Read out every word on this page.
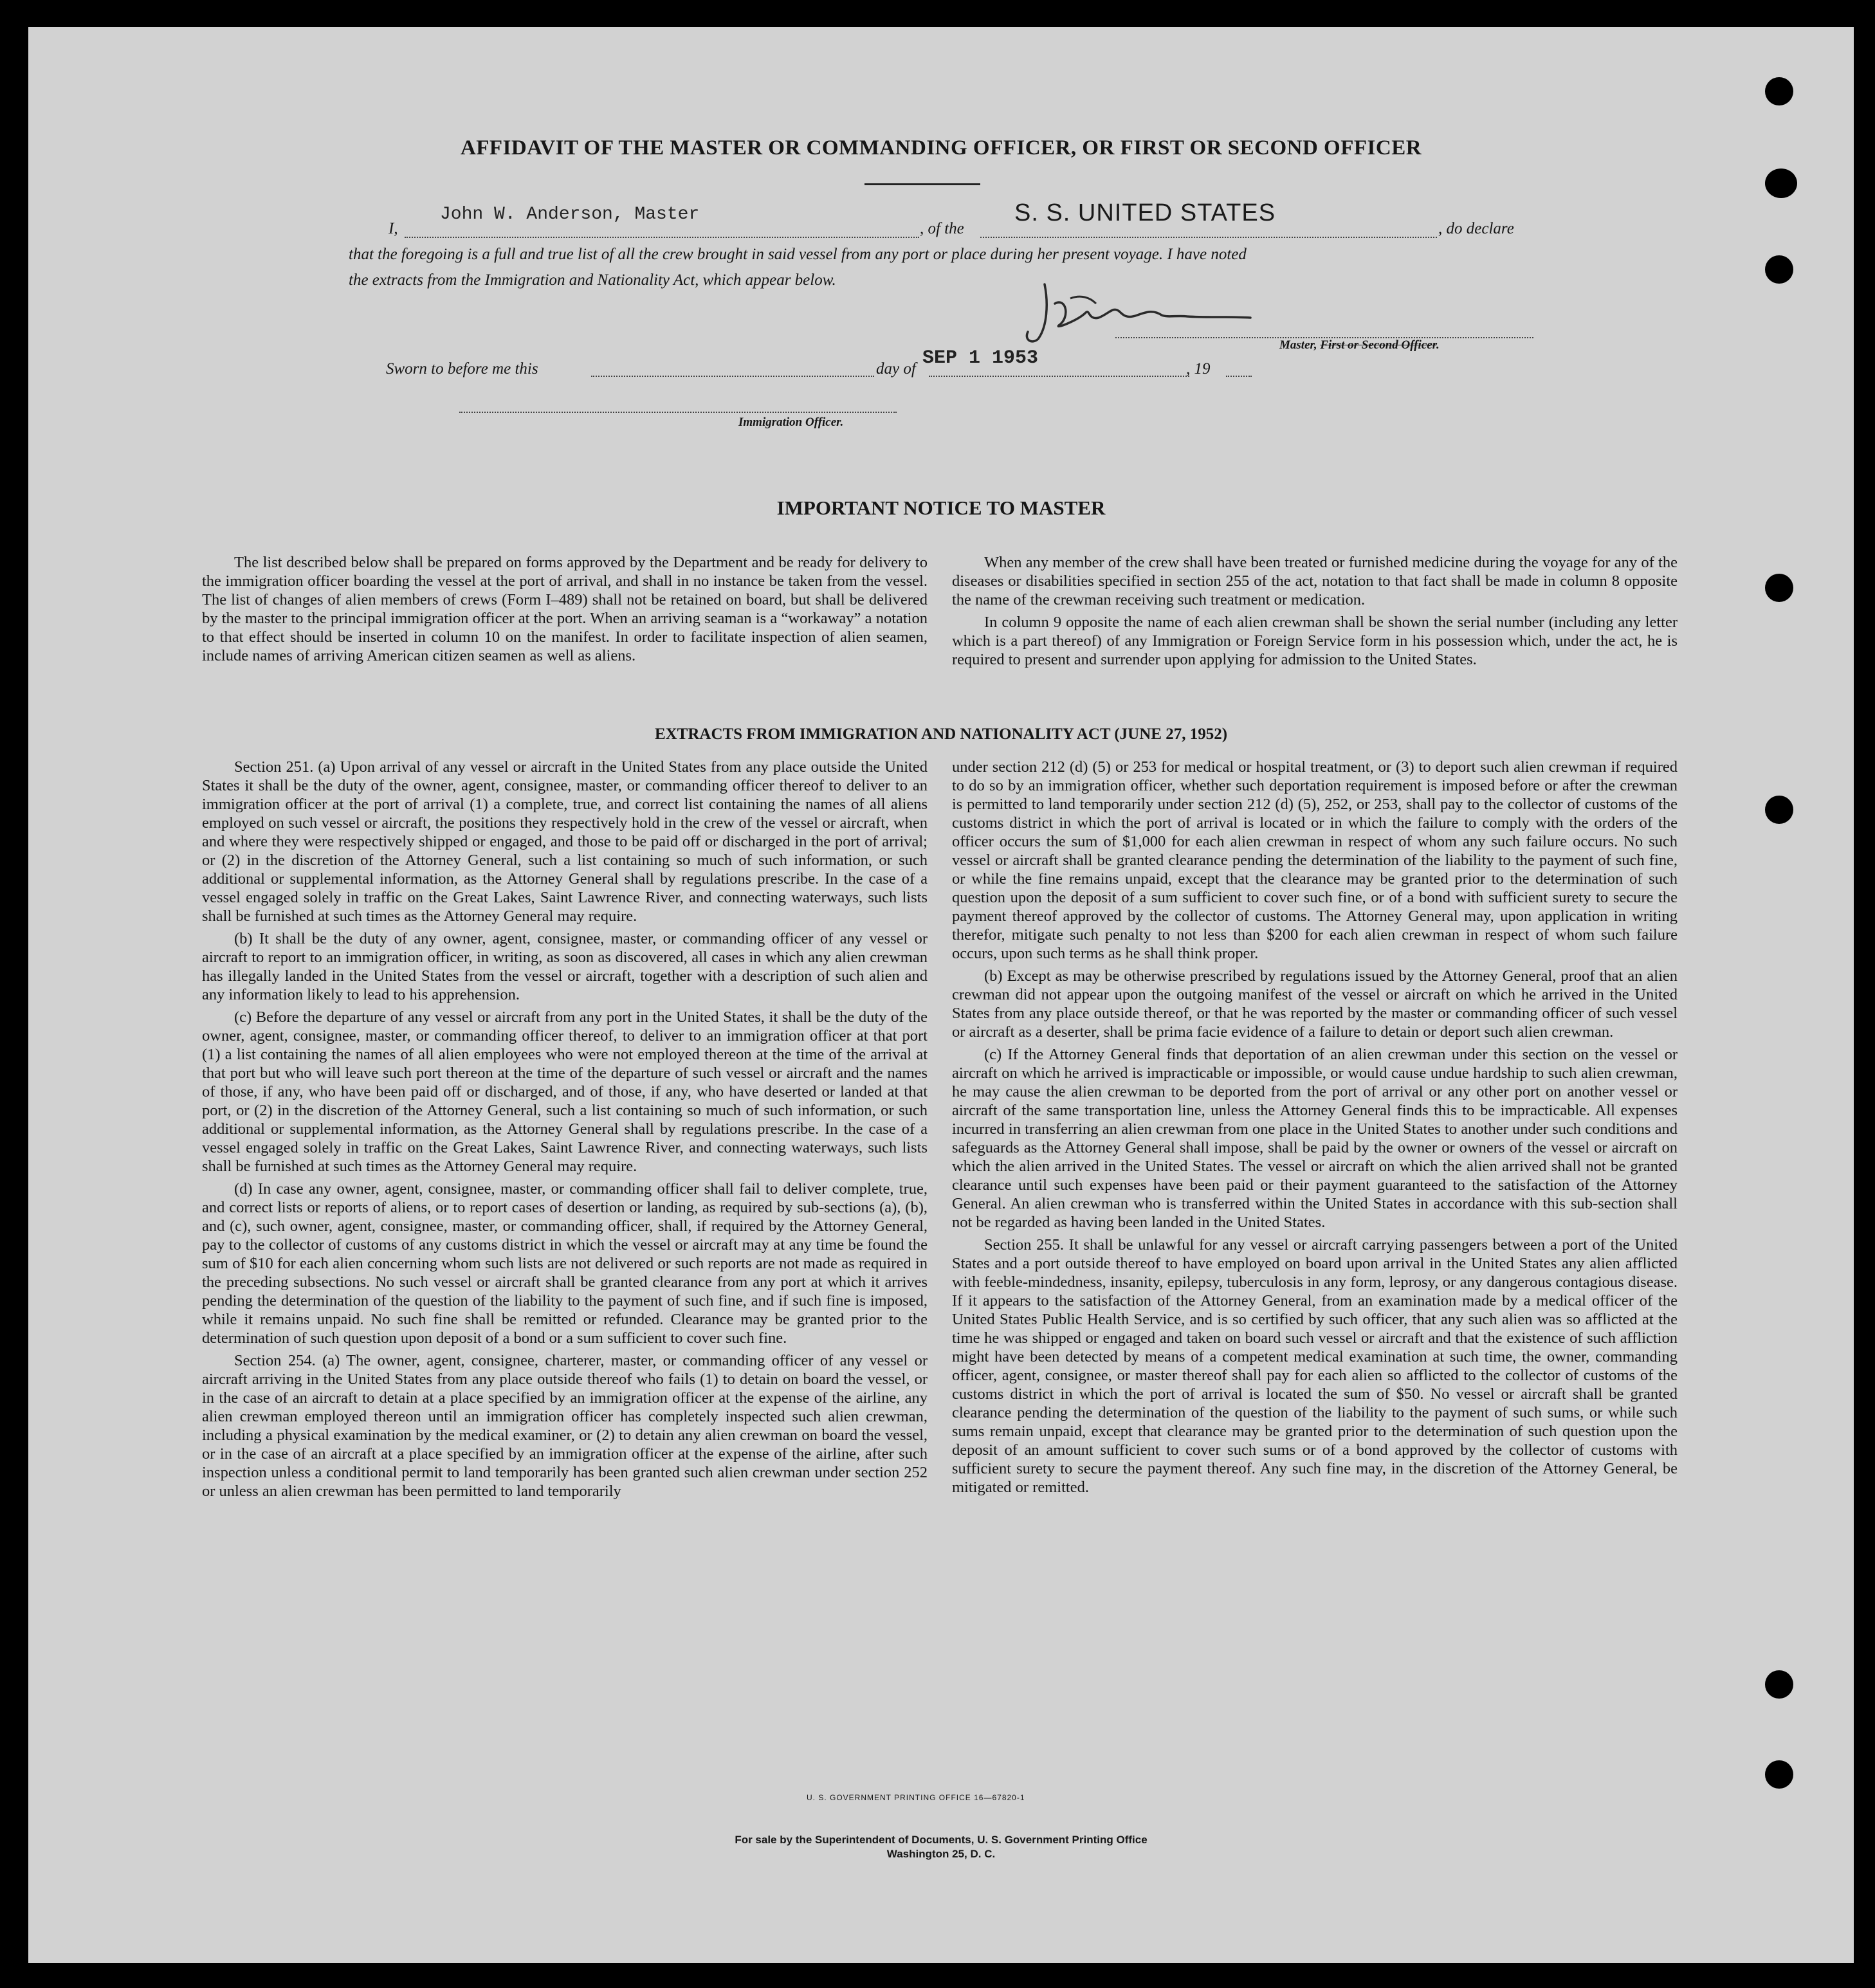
AFFIDAVIT OF THE MASTER OR COMMANDING OFFICER, OR FIRST OR SECOND OFFICER
I,
John W. Anderson, Master
, of the
S. S. UNITED STATES
, do declare
that the foregoing is a full and true list of all the crew brought in said vessel from any port or place during her present voyage. I have noted
the extracts from the Immigration and Nationality Act, which appear below.
Master, First or Second Officer.
Sworn to before me this	day of SEP 1 1953	, 19
Immigration Officer.
IMPORTANT NOTICE TO MASTER

The list described below shall be prepared on forms approved by the Department and be ready for delivery to the immigration officer boarding the vessel at the port of arrival, and shall in no instance be taken from the vessel. The list of changes of alien members of crews (Form I–489) shall not be retained on board, but shall be delivered by the master to the principal immigration officer at the port. When an arriving seaman is a “workaway” a notation to that effect should be inserted in column 10 on the manifest. In order to facilitate inspection of alien seamen, include names of arriving American citizen seamen as well as aliens.

When any member of the crew shall have been treated or furnished medicine during the voyage for any of the diseases or disabilities specified in section 255 of the act, notation to that fact shall be made in column 8 opposite the name of the crewman receiving such treatment or medication.

In column 9 opposite the name of each alien crewman shall be shown the serial number (including any letter which is a part thereof) of any Immigration or Foreign Service form in his possession which, under the act, he is required to present and surrender upon applying for admission to the United States.

EXTRACTS FROM IMMIGRATION AND NATIONALITY ACT (JUNE 27, 1952)

Section 251. (a) Upon arrival of any vessel or aircraft in the United States from any place outside the United States it shall be the duty of the owner, agent, consignee, master, or commanding officer thereof to deliver to an immigration officer at the port of arrival (1) a complete, true, and correct list containing the names of all aliens employed on such vessel or aircraft, the positions they respectively hold in the crew of the vessel or aircraft, when and where they were respectively shipped or engaged, and those to be paid off or discharged in the port of arrival; or (2) in the discretion of the Attorney General, such a list containing so much of such information, or such additional or supplemental information, as the Attorney General shall by regulations prescribe. In the case of a vessel engaged solely in traffic on the Great Lakes, Saint Lawrence River, and connecting waterways, such lists shall be furnished at such times as the Attorney General may require.

(b) It shall be the duty of any owner, agent, consignee, master, or commanding officer of any vessel or aircraft to report to an immigration officer, in writing, as soon as discovered, all cases in which any alien crewman has illegally landed in the United States from the vessel or aircraft, together with a description of such alien and any information likely to lead to his apprehension.

(c) Before the departure of any vessel or aircraft from any port in the United States, it shall be the duty of the owner, agent, consignee, master, or commanding officer thereof, to deliver to an immigration officer at that port (1) a list containing the names of all alien employees who were not employed thereon at the time of the arrival at that port but who will leave such port thereon at the time of the departure of such vessel or aircraft and the names of those, if any, who have been paid off or discharged, and of those, if any, who have deserted or landed at that port, or (2) in the discretion of the Attorney General, such a list containing so much of such information, or such additional or supplemental information, as the Attorney General shall by regulations prescribe. In the case of a vessel engaged solely in traffic on the Great Lakes, Saint Lawrence River, and connecting waterways, such lists shall be furnished at such times as the Attorney General may require.

(d) In case any owner, agent, consignee, master, or commanding officer shall fail to deliver complete, true, and correct lists or reports of aliens, or to report cases of desertion or landing, as required by sub-sections (a), (b), and (c), such owner, agent, consignee, master, or commanding officer, shall, if required by the Attorney General, pay to the collector of customs of any customs district in which the vessel or aircraft may at any time be found the sum of $10 for each alien concerning whom such lists are not delivered or such reports are not made as required in the preceding subsections. No such vessel or aircraft shall be granted clearance from any port at which it arrives pending the determination of the question of the liability to the payment of such fine, and if such fine is imposed, while it remains unpaid. No such fine shall be remitted or refunded. Clearance may be granted prior to the determination of such question upon deposit of a bond or a sum sufficient to cover such fine.

Section 254. (a) The owner, agent, consignee, charterer, master, or commanding officer of any vessel or aircraft arriving in the United States from any place outside thereof who fails (1) to detain on board the vessel, or in the case of an aircraft to detain at a place specified by an immigration officer at the expense of the airline, any alien crewman employed thereon until an immigration officer has completely inspected such alien crewman, including a physical examination by the medical examiner, or (2) to detain any alien crewman on board the vessel, or in the case of an aircraft at a place specified by an immigration officer at the expense of the airline, after such inspection unless a conditional permit to land temporarily has been granted such alien crewman under section 252 or unless an alien crewman has been permitted to land temporarily

under section 212 (d) (5) or 253 for medical or hospital treatment, or (3) to deport such alien crewman if required to do so by an immigration officer, whether such deportation requirement is imposed before or after the crewman is permitted to land temporarily under section 212 (d) (5), 252, or 253, shall pay to the collector of customs of the customs district in which the port of arrival is located or in which the failure to comply with the orders of the officer occurs the sum of $1,000 for each alien crewman in respect of whom any such failure occurs. No such vessel or aircraft shall be granted clearance pending the determination of the liability to the payment of such fine, or while the fine remains unpaid, except that the clearance may be granted prior to the determination of such question upon the deposit of a sum sufficient to cover such fine, or of a bond with sufficient surety to secure the payment thereof approved by the collector of customs. The Attorney General may, upon application in writing therefor, mitigate such penalty to not less than $200 for each alien crewman in respect of whom such failure occurs, upon such terms as he shall think proper.

(b) Except as may be otherwise prescribed by regulations issued by the Attorney General, proof that an alien crewman did not appear upon the outgoing manifest of the vessel or aircraft on which he arrived in the United States from any place outside thereof, or that he was reported by the master or commanding officer of such vessel or aircraft as a deserter, shall be prima facie evidence of a failure to detain or deport such alien crewman.

(c) If the Attorney General finds that deportation of an alien crewman under this section on the vessel or aircraft on which he arrived is impracticable or impossible, or would cause undue hardship to such alien crewman, he may cause the alien crewman to be deported from the port of arrival or any other port on another vessel or aircraft of the same transportation line, unless the Attorney General finds this to be impracticable. All expenses incurred in transferring an alien crewman from one place in the United States to another under such conditions and safeguards as the Attorney General shall impose, shall be paid by the owner or owners of the vessel or aircraft on which the alien arrived in the United States. The vessel or aircraft on which the alien arrived shall not be granted clearance until such expenses have been paid or their payment guaranteed to the satisfaction of the Attorney General. An alien crewman who is transferred within the United States in accordance with this sub-section shall not be regarded as having been landed in the United States.

Section 255. It shall be unlawful for any vessel or aircraft carrying passengers between a port of the United States and a port outside thereof to have employed on board upon arrival in the United States any alien afflicted with feeble-mindedness, insanity, epilepsy, tuberculosis in any form, leprosy, or any dangerous contagious disease. If it appears to the satisfaction of the Attorney General, from an examination made by a medical officer of the United States Public Health Service, and is so certified by such officer, that any such alien was so afflicted at the time he was shipped or engaged and taken on board such vessel or aircraft and that the existence of such affliction might have been detected by means of a competent medical examination at such time, the owner, commanding officer, agent, consignee, or master thereof shall pay for each alien so afflicted to the collector of customs of the customs district in which the port of arrival is located the sum of $50. No vessel or aircraft shall be granted clearance pending the determination of the question of the liability to the payment of such sums, or while such sums remain unpaid, except that clearance may be granted prior to the determination of such question upon the deposit of an amount sufficient to cover such sums or of a bond approved by the collector of customs with sufficient surety to secure the payment thereof. Any such fine may, in the discretion of the Attorney General, be mitigated or remitted.

U. S. GOVERNMENT PRINTING OFFICE 16—67820-1
For sale by the Superintendent of Documents, U. S. Government Printing Office
Washington 25, D. C.
